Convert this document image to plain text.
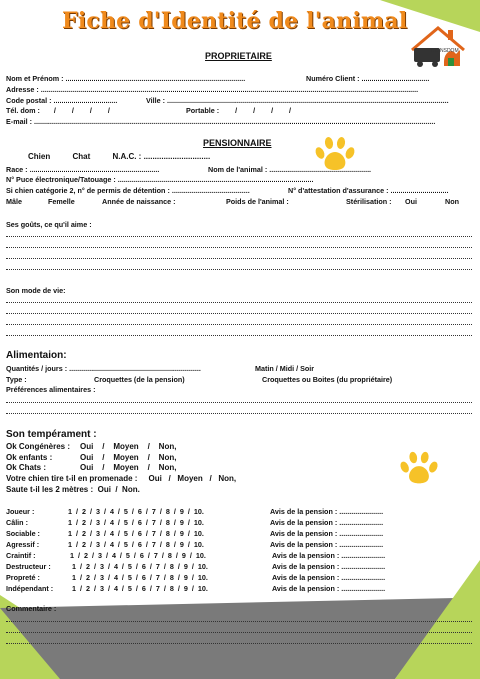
Fiche d'Identité de l'animal
TRANSDOM
PROPRIETAIRE
Nom et Prénom : ..........................................................................................	Numéro Client : ..................................
Adresse : .............................................................................................................................................................................................
Code postal : ................................	Ville : .............................................................................................................................................
Tél. dom :       /        /        /        /	Portable :        /        /        /        /
E-mail : .........................................................................................................................................................................................................
PENSIONNAIRE
Chien          Chat          N.A.C. : ..............................
Race : .................................................................	Nom de l'animal : ...................................................
N° Puce électronique/Tatouage : ..................................................................................................
Si chien catégorie 2, n° de permis de détention : .......................................	N° d'attestation d'assurance : .............................
Mâle	Femelle	Année de naissance :	Poids de l'animal :	Stérilisation : Oui	Non
Ses goûts, ce qu'il aime :
Son mode de vie:
Alimentaion:
Quantités / jours : ..................................................................	Matin / Midi / Soir
Type :	Croquettes (de la pension)	Croquettes ou Boites (du propriétaire)
Préférences alimentaires :
Son tempérament :
Ok Congénères : Oui    /    Moyen    /    Non,
Ok enfants :	Oui    /    Moyen    /    Non,
Ok Chats :	Oui    /    Moyen    /    Non,
Votre chien tire t-il en promenade :     Oui   /   Moyen   /   Non,
Saute t-il les 2 mètres :  Oui  /  Non.
Joueur :	1  /  2  /  3  /  4  /  5  /  6  /  7  /  8  /  9  /  10.	Avis de la pension : ......................
Câlin :	1  /  2  /  3  /  4  /  5  /  6  /  7  /  8  /  9  /  10.	Avis de la pension : ......................
Sociable :	1  /  2  /  3  /  4  /  5  /  6  /  7  /  8  /  9  /  10.	Avis de la pension : ......................
Agressif :	1  /  2  /  3  /  4  /  5  /  6  /  7  /  8  /  9  /  10.	Avis de la pension : ......................
Craintif :	1  /  2  /  3  /  4  /  5  /  6  /  7  /  8  /  9  /  10.	Avis de la pension : ......................
Destructeur :	1  /  2  /  3  /  4  /  5  /  6  /  7  /  8  /  9  /  10.	Avis de la pension : ......................
Propreté :	1  /  2  /  3  /  4  /  5  /  6  /  7  /  8  /  9  /  10.	Avis de la pension : ......................
Indépendant :	1  /  2  /  3  /  4  /  5  /  6  /  7  /  8  /  9  /  10.	Avis de la pension : ......................
Commentaire :
